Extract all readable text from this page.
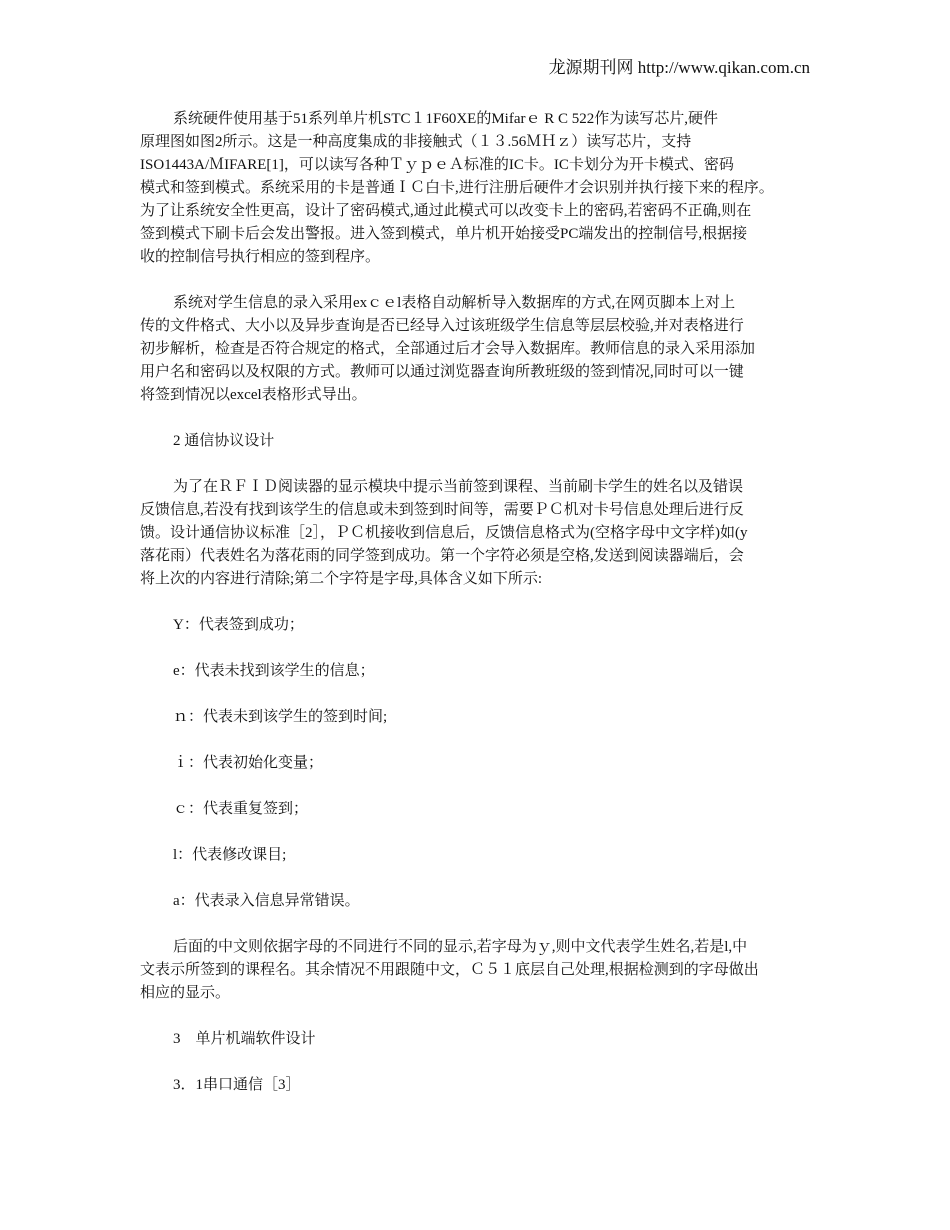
龙源期刊网 http://www.qikan.com.cn
系统硬件使用基于51系列单片机STC１1F60XE的Mifarｅ R C 522作为读写芯片,硬件
原理图如图2所示。这是一种高度集成的非接触式（１３.56ＭＨｚ）读写芯片，支持
ISO1443A/ＭIFARE[1]，可以读写各种ＴｙｐｅＡ标准的IC卡。IC卡划分为开卡模式、密码
模式和签到模式。系统采用的卡是普通ＩＣ白卡,进行注册后硬件才会识别并执行接下来的程序。
为了让系统安全性更高，设计了密码模式,通过此模式可以改变卡上的密码,若密码不正确,则在
签到模式下刷卡后会发出警报。进入签到模式，单片机开始接受PC端发出的控制信号,根据接
收的控制信号执行相应的签到程序。
系统对学生信息的录入采用exｃｅl表格自动解析导入数据库的方式,在网页脚本上对上
传的文件格式、大小以及异步查询是否已经导入过该班级学生信息等层层校验,并对表格进行
初步解析，检查是否符合规定的格式，全部通过后才会导入数据库。教师信息的录入采用添加
用户名和密码以及权限的方式。教师可以通过浏览器查询所教班级的签到情况,同时可以一键
将签到情况以excel表格形式导出。
2 通信协议设计
为了在ＲＦＩＤ阅读器的显示模块中提示当前签到课程、当前刷卡学生的姓名以及错误
反馈信息,若没有找到该学生的信息或未到签到时间等，需要ＰＣ机对卡号信息处理后进行反
馈。设计通信协议标准［2］，ＰＣ机接收到信息后，反馈信息格式为(空格字母中文字样)如(y
落花雨）代表姓名为落花雨的同学签到成功。第一个字符必须是空格,发送到阅读器端后，会
将上次的内容进行清除;第二个字符是字母,具体含义如下所示:
Y：代表签到成功；
e：代表未找到该学生的信息；
ｎ：代表未到该学生的签到时间;
ｉ：代表初始化变量；
ｃ：代表重复签到；
l：代表修改课目;
a：代表录入信息异常错误。
后面的中文则依据字母的不同进行不同的显示,若字母为ｙ,则中文代表学生姓名,若是l,中
文表示所签到的课程名。其余情况不用跟随中文，Ｃ５１底层自己处理,根据检测到的字母做出
相应的显示。
3　单片机端软件设计
3．1串口通信［3］
